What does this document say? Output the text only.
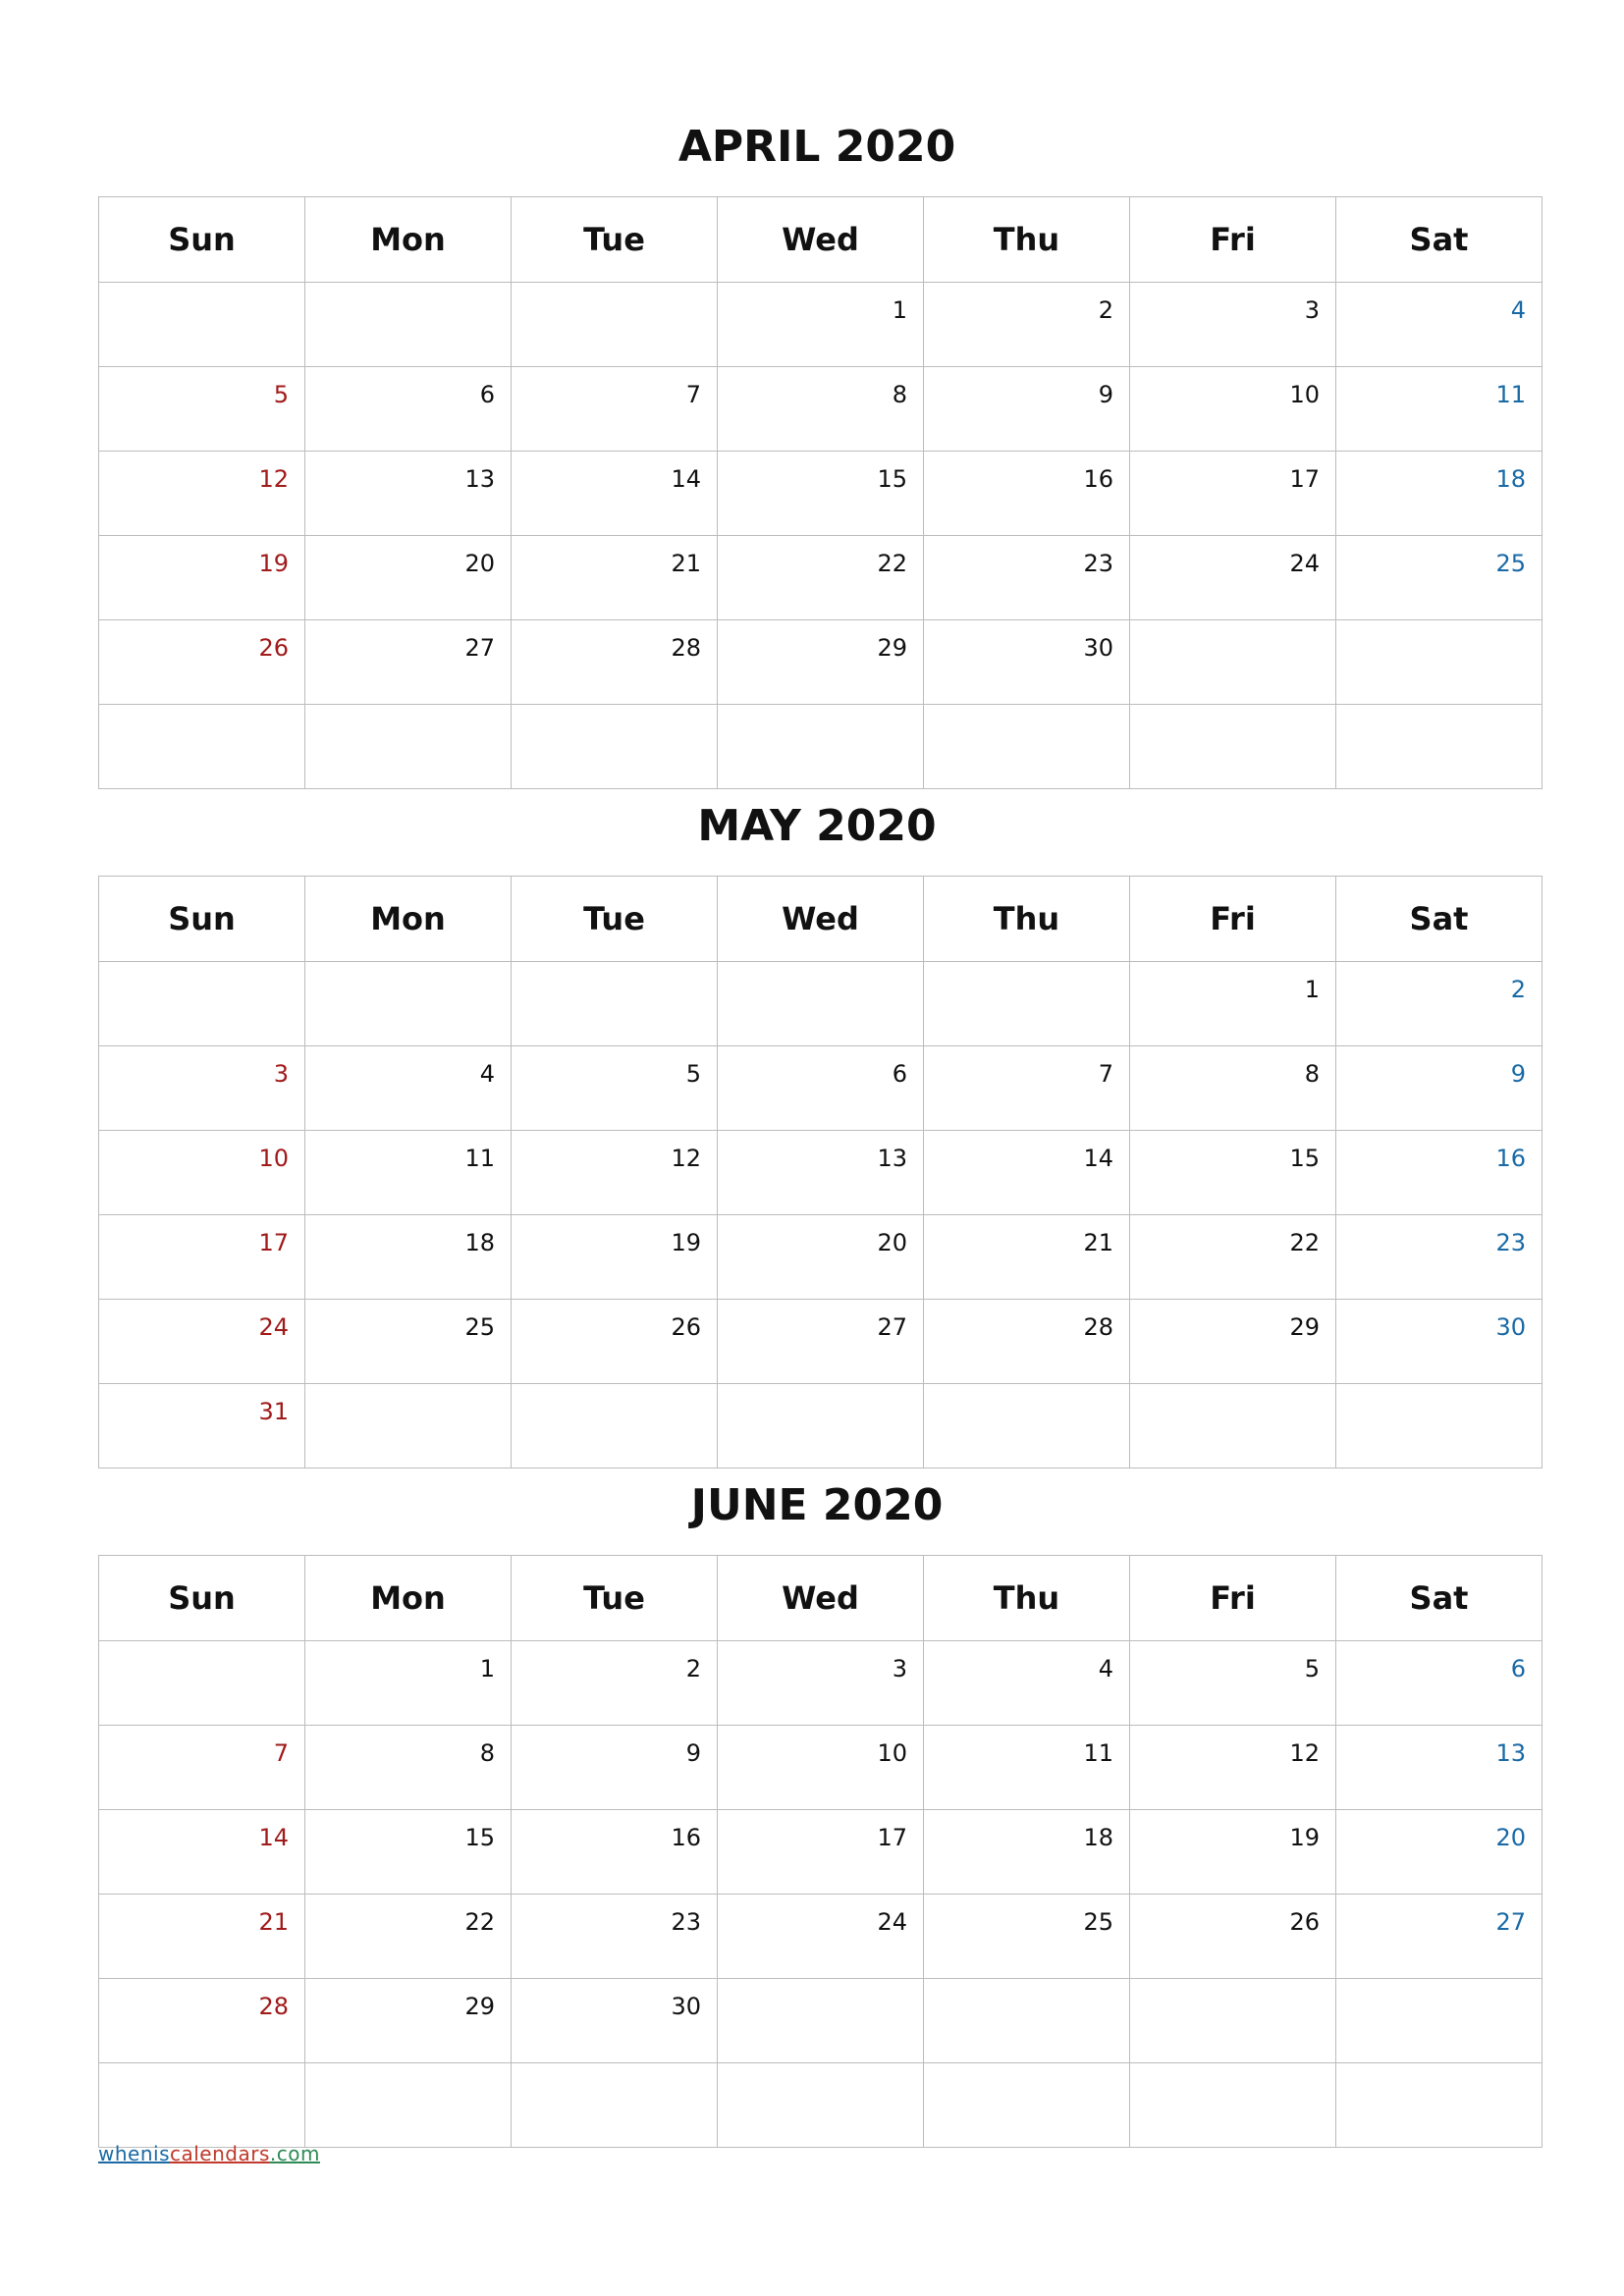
APRIL 2020
Sun	Mon	Tue	Wed	Thu	Fri	Sat

			1	2	3	4

5	6	7	8	9	10	11

12	13	14	15	16	17	18

19	20	21	22	23	24	25

26	27	28	29	30		

MAY 2020
Sun	Mon	Tue	Wed	Thu	Fri	Sat

					1	2

3	4	5	6	7	8	9

10	11	12	13	14	15	16

17	18	19	20	21	22	23

24	25	26	27	28	29	30

31						

JUNE 2020
Sun	Mon	Tue	Wed	Thu	Fri	Sat

	1	2	3	4	5	6

7	8	9	10	11	12	13

14	15	16	17	18	19	20

21	22	23	24	25	26	27

28	29	30				

wheniscalendars.com
